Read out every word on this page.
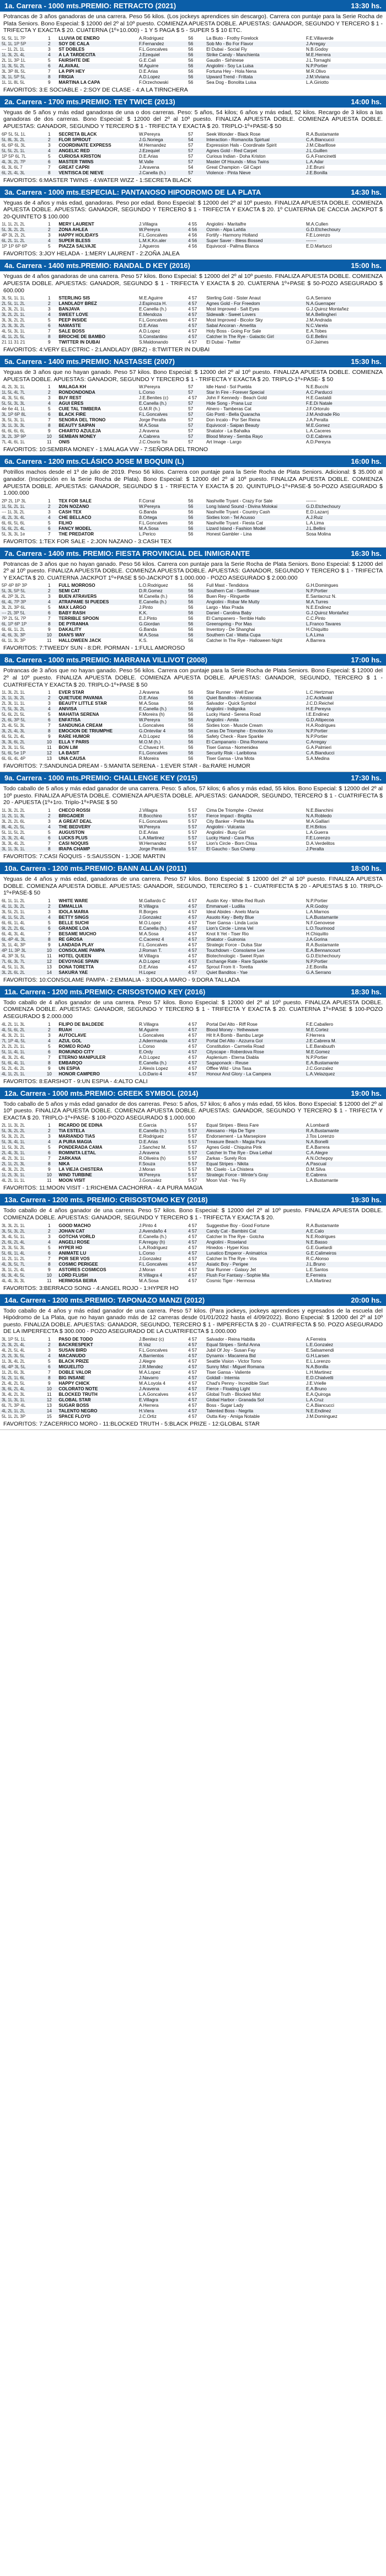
1a. Carrera - 1000 mts.PREMIO: RETRACTO (2021)	13:30 hs.
Potrancas de 3 años ganadoras de una carrera. Peso 56 kilos. (Los jockeys aprendices sin descargo). Carrera con puntaje para la Serie Rocha de Plata Seniors. Bono Especial: $ 12000 del 2º al 10º puesto. COMIENZA APUESTA DOBLE. APUESTAS: GANADOR, SEGUNDO Y TERCERO $ 1 - TRIFECTA Y EXACTA $ 20. CUATERNA (1º+10.000) - 1 Y 5 PAGA $ 5 - SUPER 5 $ 10 ETC.
5L 5L 1L 7P	1	LLUVIA DE ENERO	A.Rodriguez	56	La Biuto - Frothy Forelock	F.E.Villaverde
5L 1L 1P 5P	2	SOY DE CALA	F.Fernandez	56	Sob Mo - Bo For Flavor	J.Arregay
--- 1L 2L 1L	3	ST DOBLES	F.L.Goncalves	56	El Dubai - Social Fly	N.B.Godoy
1L 3L 2L 4L	4	A LA TARDECITA	J.Ezequiel	56	Strike Candy - Manchienta	M.E.Herrera
2L 1L 3P 1L	5	FAIRSHTE DIE	G.E.Cali	56	Gaudin - Sirhinese	J.L.Tornaghi
1L 3L 5L 2L	6	ALAVAAL	M.Aguirre	56	Angiolini - Soy La Luisa	N.P.Portier
3L 3P 8L 5L	7	LA PIPI HEY	D.E.Arias	56	Fortuna Hey - Hola Nena	M.R.Olivo
3L 1L 5P 5L	8	FRIGIA	A.D.Lopez	56	Upward Trend - Frittata	J.M.Viviana
1L 1L 8L 5L	9	MARTINA LA CAPA	F.Orzechowski	56	Sea Dog - Bonolita Luisa	L.A.Giriotto
FAVORITOS: 3:E SOCIABLE - 2:SOY DE CLASE - 4:A LA TIRNCHERA
2a. Carrera - 1700 mts.PREMIO: TEY TWICE (2013)	14:00 hs.
Yeguas de 5 años y más edad ganadoras de una o dos carreras. Peso: 5 años, 54 kilos; 6 años y más edad, 52 kilos. Recargo de 3 kilos a las ganadoras de dos carreras. Bono Especial: $ 12000 del 2º al 10º puesto. FINALIZA APUESTA DOBLE. COMIENZA APUESTA DOBLE. APUESTAS: GANADOR, SEGUNDO Y TERCERO $ 1 - TRIFECTA Y EXACTA $ 20. TRIPLO-1º+PASE-$ 50
6P 5L 5L 1L	1	SECRETA BLACK	W.Pereyra	57	Seek Wonder - Black Rose	R.A.Bustamante
5L 8L 3L 2L	2	FLOR SPROUT	J.G.Noriega	54	Interaction - Romancita Spirtual	C.A.Biancucci
6L 6P 6L 3L	3	COORDINATE EXPRESS	M.Hernandez	57	Expression Hals - Coordinate Spirit	J.M.Cibarlllose
5L 5L 2L 1L	4	ANGELIC RED	J.Ezequiel	57	Agnes Gold - Red Carpet	J.L.Guillen
1P 5P 6L 7L	5	CURIOSA KRISTON	D.E.Arias	57	Curious Indian - Doha Kriston	G.A.Francinetti
4L 3L 2L 7P	6	MASTER TWINS	M.Valle	57	Master Of Hounds - Miss Twins	L.A.Adar
6L 3L 6L 7	7	GREAT CAPRI	J.Aravena	54	Great Champion - Gil Capri	J.E.Bruni
6L 2L 4L 3L	8	VENTISCA DE NIEVE	J.Canella (h.)	57	Violence - Pinta Nieve	J.E.Bonilla
FAVORITOS: 6:MASTER TWINS - 4:WATER WIZZ - 1:SECRETA BLACK
3a. Carrera - 1000 mts.ESPECIAL: PANTANOSO HIPODROMO DE LA PLATA	14:30 hs.
Yeguas de 4 años y más edad, ganadoras. Peso por edad. Bono Especial: $ 12000 del 2º al 10º puesto. FINALIZA APUESTA DOBLE. COMIENZA APUESTA DOBLE. APUESTAS: GANADOR, SEGUNDO Y TERCERO $ 1 - TRIFECTA Y EXACTA $ 20. 1º CUATERNA DE CACCIA JACKPOT $ 20-QUINTETO $ 100.000
1L 1L 2L 2L	1	MERY LAURENT	J.Villagra	4 55	Angiolini - Maritalfre	M.A.Cullen
5L 3L 2L 2L	2	ZONA AHLEA	W.Pereyra	4 56	Ozmin - Alpa Lahtla	G.D.Etchechoury
4P 3L 2L 2L	3	HAPPY HOLIDAYS	F.L.Goncalves	4 56	Fortify - Harmony Holland	F.E.Lorenzo
6L 2L 1L 2L	4	SUPER BLESS	L.M.K.Kn.aler	4 56	Super Saver - Bless Bossed	-------
1P 1P 6P 6P	5	PIAZZA SALVAJE	J.Agueros	4 56	Equivocol - Pallma Blanca	E.D.Martucci
FAVORITOS: 3:JOY HELADA - 1:MERY LAURENT - 2:ZOÑA JALEA
4a. Carrera - 1400 mts.PREMIO: RANDAL D KEY (2016)	15:00 hs.
Yeguas de 4 años ganadoras de una carrera. Peso 57 kilos. Bono Especial: $ 12000 del 2º al 10º puesto. FINALIZA APUESTA DOBLE. COMIENZA APUESTA DOBLE. APUESTAS: GANADOR, SEGUNDO $ 1 - TRIFECTA Y EXACTA $ 20. CUATERNA 1º+PASE $ 50-POZO ASEGURADO $ 600.000
3L 5L 1L 1L	1	STERLING SIS	M.E.Aguirre	4 57	Sterling Gold - Sister Anaut	G.A.Serrano
2L 5L 1L 2L	2	LANDLADY BREZ	J.Espinoza H.	4 57	Agnes Gold - For Freedom	N.A.Guerraper
2L 3L 2L 1L	3	BANJAVA	E.Canella (h.)	4 57	Most Improved - Salt Eyes	G.J.Quiroz Montañez
3L 2L 2L 1L	4	SWEET LOVE	E.Mendoza	4 57	Sidewalk - Sweet Lovers	M.A.Bellingheri
3L 3L 2L 2L	5	PEEP INSIDE	F.L.Goncalves	4 57	Most Improved - Bicolor Sky	J.M.Andrada
2L 3L 3L 2L	6	NAMASTE	D.E.Arias	4 57	Sabal Ancoran - Amerlita	N.C.Varela
4L 5L 3L 1L	7	SALE BOSS	A.D.Lopez	4 57	Holy Boss - Going For Sale	E.A.Tobes
4L 1L 2L 5L	8	BRIOCHE DE BAMBO	S.Constantino	4 57	Catcher In The Rye - Galactic Girl	G.E.Bellini
21 11 31 21	9	TWITTER IN DUBAI	S.Maldonando	4 57	El Dubai - Twitter	O.F.Jaimes
FAVORITOS: 4:VERY ELECTRIC - 2:LANDLADY (BRZ) - 8:TWITTER IN DUBAI
5a. Carrera - 1400 mts.PREMIO: NASTASSE (2007)	15:30 hs.
Yeguas de 3 años que no hayan ganado. Peso 57 kilos. Bono Especial: $ 12000 del 2º al 10º puesto. FINALIZA APUESTA DOBLE. COMIENZA APUESTA DOBLE. APUESTAS: GANADOR, SEGUNDO Y TERCERO $ 1 - TRIFECTA Y EXACTA $ 20. TRIPLO-1º+PASE- $ 50
4L 2L 3L 1L	1	MALAGA KH	W.Pereyra	57	Idle Hand - Sol Puebla	N.E.Bucchi
1L 5L 4L 7L	2	RONDONDONDA	L.Corso	57	Star In Fire - Forever Special	A.C.Parducci
4L 3L 5L 6L	3	BUY REST	J.E.Benites (c)	4 57	John F Kennedy - Beach Gold	H.E.Gastaldi
5L 5L 3L 3L	4	AGUI ERES	E.Canella (h.)	57	Hide Song - Prana Luz	F.E.Di Natale
4e 6e 4L 1L	5	CUIE TAL TIMBERA	G.M.R (h.)	57	Alnero - Tamberas Cat	J.F.Ortorulo
3L 1P 6P 8L	6	BLACK FIRE	F.L.Goncalves	57	Gio Ponti - Bella Quaracha	J.M.Andrade Rio
3L 5L 3L 1L	7	SENORA DEL TRONO	Jorge Peralta	57	Don Incalo - Por Ser Reina	J.A.Peralta
3L 1L 3L 3L	8	BEAUTY SAIPAN	M.A.Sosa	57	Equivocol - Saipan Beauty	M.E.Gomez
6L 6L 6L 6L	9	CHIARTO AZULEJA	J.Aravena	57	Shatator - La Bahalka	L.A.Caceres
3L 2L 3P 9P	10	SEMBAN MONEY	A.Cabrera	57	Blood Money - Semba Rayo	O.E.Cabrera
7L 4L 6L 1L	11	ONIS	J.C.Osorio Toi	57	Art Image - Largo	A.D.Pereyra
FAVORITOS: 10:SEMBRA MONEY - 1:MALAGA VW - 7:SEÑORA DEL TRONO
6a. Carrera - 1200 mts.CLÁSICO JOSE M BOQUIN (L)	16:00 hs.
Potrillos machos desde el 1º de julio de 2019. Peso 56 kilos. Carrera con puntaje para la Serie Rocha de Plata Seniors. Adicional: $ 35.000 al ganador. (Inscripción en la Serie Rocha de Plata). Bono Especial: $ 12000 del 2º al 10º puesto. FINALIZA APUESTA DOBLE. COMIENZA APUESTA DOBLE. APUESTAS: GANADOR, SEGUNDO $ 1 - TRIFECTA Y EXACTA $ 20. QUINTUPLO-1º+PASE-$ 50-POZO ASEGURADO $ 1.000.000
2P 2L 1P 3L	1	TEX FOR SALE	F.Corral	56	Nashville Tryant - Crazy For Sale	-------
1L 5L 2L 1L	2	ZON NOZANO	W.Pereyra	56	Long Island Sound - Divina Molokai	G.D.Etchechoury
--- 1L 3L 2L	3	CASH TEX	G.Banda	56	Nashville Tryant - Country Cash	E.D.Lazarrj
4L 2L 3L 4L	4	CHE BELLACO	B.Ortega	56	Sixties Icon - Tel Acusso	A.J.Ruiz
6L 6L 5L 6L	5	FILHO	F.L.Goncalves	56	Nashville Tryant - Fiesta Cat	L.A.Lima
5L 6L 2L 4L	6	FANCY MODEL	M.A.Sosa	56	Lizard Island - Fashion Model	J.L.Bellini
5L 3L 3L 1e	7	THE PREDATOR	L.Perico	56	Honest Gambler - Lina	Sosa Molina
FAVORITOS: 1:TEX FOR SALE - 2:JON NAZANO - 3:CASH TEX
7a. Carrera - 1400 mts. PREMIO: FIESTA PROVINCIAL DEL INMIGRANTE	16:30 hs.
Potrancas de 3 años que no hayan ganado. Peso 56 kilos. Carrera con puntaje para la Serie Rocha de Plata Seniors. Bono Especial: $ 12000 del 2º al 10º puesto. FINALIZA APUESTA DOBLE. COMIENZA APUESTA DOBLE. APUESTAS: GANADOR, SEGUNDO Y TERCERO $ 1 - TRIFECTA Y EXACTA $ 20. CUATERNA JACKPOT 1º+PASE $ 50-JACKPOT $ 1.000.000 - POZO ASEGURADO $ 2.000.000
5P 4P 8P 3P	1	FULL MORROSO	L.O.Rodriguez	56	Full Mast - Tendidora	G.H.Domingues
5L 3L 5P 5L	2	SEMI CAT	D.R.Gomez	56	Southern Cat - Semifinase	N.P.Portier
4L 2P 3L 2L	3	BUEN ATRAVERS	M.Canella (h.)	56	Buen Rey - Ringuette	E.Santacruz N.
6L 4L 7P 3P	4	ATRAPAME SI PUEDES	E.Canella (h.)	56	Angiolini - Robar Me Mutty	M.A.Turres
3L 2L 3P 6L	5	MAX LARGO	J.Pinto	56	Largo - Max Prada	N.E.Endinez
--- 2L 3P 5L	6	BABY RASH	K.K.	56	Daniel - Carolina Baby	G.J.Quiroz Montañez
7P 2L 5L 7P	7	TERRIBLE SPOON	E.J.Pinto	56	El Campanero - Terrible Hallo	C.C.Pinto
6L 1P 6P 1P	8	DE PYRANHA	G.Giordan	56	Greenspring - Por Mas	L.Franco Tavares
6L 6L 1L 2L	9	DAKALITY	G.Banda	56	Inventory - De Shanghai	H.Chiquitto
4L 6L 3L 3P	10	DIAN'S WAY	M.A.Sosa	56	Southern Cat - Watta Cupa	L.A.Lima
6L 1L 3L 3P	11	HALLOWEEN JACK	K.S.	56	Catcher In The Rye - Halloween Night	A.Barrera
FAVORITOS: 7:TWEEDY SUN - 8:DR. PORMAN - 1:FULL AMOROSO
8a. Carrera - 1000 mts.PREMIO: MARRANA VILLIVOT (2008)	17:00 hs.
Potrancas de 3 años que no hayan ganado. Peso 56 kilos. Carrera con puntaje para la Serie Rocha de Plata Seniors. Bono Especial: $ 12000 del 2º al 10º puesto. FINALIZA APUESTA DOBLE. COMIENZA APUESTA DOBLE. APUESTAS: GANADOR, SEGUNDO, TERCERO $ 1 - CUATRIFECTA Y EXACTA $ 20. TRIPLO-1º+PASE $ 50
1L 3L 2L 1L	1	EVER STAR	J.Aravena	56	Star Runner - Well Ever	L.C.Hertzman
2L 1L 3L 2L	2	QUIETUDE PAVANIA	D.E.Arias	56	Quiet Banditos - Aristocrata	J.C.Ackfwald
2L 3L 1L 1L	3	BEAUTY LITTLE STAR	M.A.Sosa	56	Salvador - Quick Symbol	J.C.D.Reichel
7L 5L 3L 2L	4	ANIVISA	E.Canella (h.)	56	Angiolini - Indignika	H.E.Pereyra
5L 6L 2L 5L	5	MAHATIA SERENA	F.Moreira (h)	56	Lucky Hand - Serena Road	I.E.Endinez
2L 6L 3P 5L	6	ENFATISA	W.Pereyra	56	Angiolini - Amita	G.D.Altipecoa
2L 4L 5L 3L	7	SANDUNGA CREAM	L.Goncalves	56	Sixties Icon - Muscle Cream	H.A.Rodrigues
3L 2L 4L 3L	8	EMOCION DE TRIUMPHE	G.Ontevilar 4	56	Ceras De Triomphe - Emotion Xo	N.P.Portier
6L 5L 2L 4L	9	RARE HUMOR	A.D.Lopez	56	Safety Check - Rare Sparkle	N.P.Portier
3L 3L 6L 2L	10	ELLA Y PARIS	M.O.M (h.)	56	El Campanario - Dina Romana	C.Arregay
2L 3L 1L 5L	11	BON LIM	C.Chavez H.	56	Tiser Gansa - Nomenidea	G.A.Palmieri
5L 6L 5e 1P	12	LA BASIT	F.L.Goncalves	56	Security Risk - Laribitona	C.A.Bianducci
6L 6L 4L 4P	13	UNA CAUSA	R.Moreira	56	Tiser Gansa - Una Mota	S.A.Medina
FAVORITOS: 7:SANDUNGA DREAM - 5:MANITA SERENA - 1:EVER STAR - 8a:RARE HUMOR
9a. Carrera - 1000 mts.PREMIO: CHALLENGE KEY (2015)	17:30 hs.
Todo caballo de 5 años y más edad ganador de una carrera. Peso: 5 años, 57 kilos; 6 años y más edad, 55 kilos. Bono Especial: $ 12000 del 2º al 10º puesto. FINALIZA APUESTA DOBLE. COMIENZA APUESTA DOBLE. APUESTAS: GANADOR, SEGUNDO, TERCERO $ 1 - CUATRIFECTA $ 20 - APUESTA (1º+1ro. Triplo-1º+PASE $ 50
1L 3L 2L 2L	1	CHECO ROSSI	J.Villagra	5 57	Cima De Triomphe - Cheviot	N.E.Bianchini
1L 2L 1L 3L	2	BRIGADIER	R.Bocchino	5 57	Fierce Impact - Brigitta	N.A.Robledo
3L 2L 2L 6L	3	A GREAT DEAL	F.L.Goncalves	5 57	City Banker - Petite Mia	M.A.Galliari
8L 4L 2L 5L	4	THE BEDVERY	W.Pereyra	5 57	Angiolini - Vulcania	E.H.Britos
5L 1L 5L 2L	5	AUGUSTON	D.E.Arias	5 57	Angiolini - Busy Girl	L.A.Guerra
2L 3L 2L 4L	6	LUCKS PLUS	L.A.Martinez	5 57	Lucky Hand - Cara Plus	F.E.Lorenzo
3L 3L 4L 2L	7	CASI NOQUIS	W.Hernandez	5 57	Lion's Circle - Born Chisa	D.A.Verdelitos
3L 1L 3L 1L	8	IRAPA CHAMP	Jorge Peralta	5 57	El Gaucho - Sus Champ	J.Peralta
FAVORITOS: 7:CASI ÑOQUIS - 5:SAUSSON - 1:JOE MARTIN
10a. Carrera - 1200 mts.PREMIO: BANN ALLAN (2011)	18:00 hs.
Yeguas de 4 años y más edad, ganadoras de una carrera. Peso 57 kilos. Bono Especial: $ 12000 del 2º al 10º puesto. FINALIZA APUESTA DOBLE. COMIENZA APUESTA DOBLE. APUESTAS: GANADOR, SEGUNDO, TERCERO $ 1 - CUATRIFECTA $ 20 - APUESTAS $ 10. TRIPLO-1º+PASE-$ 50
6L 1L 1L 2L	1	WHITE WARE	M.Gallardo C	4 57	Austin Key - White Red Rush	N.P.Portier
4L 1L 3L 2L	2	EMMALLIA	R.Villagra	4 57	Emmanuel - Ludilia	A.R.Godoy
3L 5L 2L 1L	3	IDOLA MARIA	R.Borges	4 57	Ideal Abides - Anelo María	L.A.Marnos
4L 1L 5L 2L	4	BETTY SINGS	J.Gonzalez	4 57	Asuoto Key - Betty Blue	L.A.Bustamante
6L 6L 1L 4L	5	BELLE SUCHI	M.O.Lopez	4 57	Tiser Gansa - Linda Lucia	N.F.Genovese
9L 2L 2L 6L	6	GRANDE LOA	E.Canella (h.)	4 57	Lion's Circle - Linna Vel	L.O.Tourinood
6L 4L 3L 4L	7	BESAME MUCHO	M.A.Sosa	4 57	Knot It Yet - Tiser Rio	H.Chiquitto
6L 4P 4L 3L	8	RE GROSA	C.Cacerez 4	4 57	Shatator - Guinonia	J.A.Gorina
3L 1L 4L 3P	9	LANDADA PLAY	F.L.Goncalves	4 57	Strategic Force - Dulsa Star	R.A.Bustamante
4P 1L 3P 3L	10	CONSOLAME PAMPA	J.Roman T.	4 57	Touchdown - Consolame Lee	E.A.Bennancourt
4L 3P 3L 5L	11	HOTEL QUEEN	M.Villagra	4 57	Biotechnologic - Sweet Ryan	G.D.Etchechoury
7L 6L 3L 7L	12	DEVOYAGE SPAIN	A.D.Lopez	4 57	Exchange Rate - Rare Sparkle	N.P.Portier
4L 5L 1L 3L	13	DONA TORETTA	D.E.Arias	4 57	Sprout From It - Toretta	J.E.Bonilla
3L 2L 6L 2L	14	SAKURA YAE	H.Lopez	4 57	Quiet Banditos - Yae	G.A.Serrano
FAVORITOS: 10:CONSOLAME PAMPA - 2:EMMALIA - 3:IDOLA MARO - 9:DORA TALLADA
11a. Carrera - 1200 mts.PREMIO: CRISOSTOMO KEY (2016)	18:30 hs.
Todo caballo de 4 años ganador de una carrera. Peso 57 kilos. Bono Especial: $ 12000 del 2º al 10º puesto. FINALIZA APUESTA DOBLE. COMIENZA DOBLE. APUESTAS: GANADOR, SEGUNDO Y TERCERO $ 1 - TRIFECTA Y EXACTA $ 20. CUATERNA 1º+PASE $ 100-POZO ASEGURADO $ 2.000.000
4L 2L 1L 3L	1	FILIPO DE BALDEDE	R.Villagra	4 57	Portal Del Alto - Riff Rose	F.E.Caballero
4L 5L 6L 2L	2	RUAH	M.Aguirre	4 57	Blood Money - Yethewave	M.E.Cortez
4L 3L 2L 1L	3	AUTOCLAVE	L.Goncalves	4 57	Hit It A Bomb - Bambu Large	F.Herrera
7L 1P 4L 5L	4	AZUL GOL	J.Aderrmanda	4 57	Portal Del Alto - Azzurra Gol	J.E.Cabrera M.
2L 2L 2L 1L	5	ROMEO ROAD	L.Corso	4 57	Constitution - Carmelia Road	L.E.Barabuuth
5L 1L 4L 1L	6	ROMUNDO CITY	E.Ordy	4 57	Cityscape - Roberdova Rose	M.E.Gomez
4L 3L 2L 4L	7	ETERNO MANIPULER	A.D.Lopez	4 57	Asplenium - Eterna Diabla	N.P.Portier
5L 6L 4L 1L	8	EMBARQO	E.Canella (h.)	4 57	Sagaponack - Reuse	E.A.Bustamante
5L 2L 4L 2L	9	UN ESPIA	J.Alexis Lopez	4 57	Offlee Wild - Una Tasa	J.C.Gonzalez
4L 1L 2L 1L	10	HONOR CAMPERO	L.O.Dario 4	4 57	Honour And Glory - La Campera	L.A.Velazquez
FAVORITOS: 8:EARSHOT - 9:UN ESPIA - 4:ALTO CALI
12a. Carrera - 1000 mts.PREMIO: GREEK SYMBOL (2014)	19:00 hs.
Todo caballo de 5 años y más edad ganador de dos carreras. Peso: 5 años, 57 kilos; 6 años y más edad, 55 kilos. Bono Especial: $ 12000 del 2º al 10º puesto. FINALIZA APUESTA DOBLE. COMIENZA APUESTA DOBLE. APUESTAS: GANADOR, SEGUNDO Y TERCERO $ 1 - TRIFECTA Y EXACTA $ 20. TRIPLO-1º+PASE- $ 100-POZO ASEGURADO $ 1.000.000
2L 1L 3L 2L	1	RICARDO DE EDINA	E.Garcia	5 57	Equal Stripes - Bless Fare	A.Lombardi
5L 3L 2L 2L	2	TIA ESTELA	E.Canella (h.)	5 57	Alexsano - Hija De Tigre	R.A.Bustamante
5L 3L 2L 2L	3	MARIANDO TIAS	E.Rodriguez	5 57	Endorsement - La Marsepiore	J.Tos Lorenzo
5L 3L 4L 1L	4	A PURA MAGIA	D.E.Arias	5 57	Treasure Beach - Magia Pura	N.A.Bonelli
1L 5L 3L 2L	5	PONDERADA CAMA	J.Sanchez M.	5 57	Agnes Gold - Chiquina Pink	E.A.Barrera
2L 4L 3L 1L	6	ROMINITA LETAL	J.Aravena	5 57	Catcher In The Rye - Diva Lethal	C.A.Alegre
4L 2L 3L 1L	7	ZARKANA	R.Oliveira (h)	5 57	Zarkas - Surely Ros	A.N.Ochepoy
2L 1L 2L 3L	8	NIKA	F.Souza	5 57	Equal Stripes - Nikita	A.Pascual
4L 3L 2L 2L	9	LA VIEJA CHISTERA	J.Moran	5 57	Mr. Ciselo - La Chistera	D.M.Silva
1L 2L 3L 1L	10	WIND TURBINE	W.Pereyra	5 57	Strategic Force - Winter's Gray	E.Cabrera
4L 2L 1L 1L	11	MOON VISIT	J.Gonzalez	5 57	Moon Visit - Yes Fly	L.A.Bustamante
FAVORITOS: 11:MOON VISIT - 1:RICHEMA CACHORRA - 4:A PURA MAGIA
13a. Carrera - 1200 mts. PREMIO: CRISOSTOMO KEY (2018)	19:30 hs.
Todo caballo de 4 años ganador de una carrera. Peso 57 kilos. Bono Especial: $ 12000 del 2º al 10º puesto. FINALIZA APUESTA DOBLE. COMIENZA DOBLE. APUESTAS: GANADOR, SEGUNDO Y TERCERO $ 1 - TRIFECTA Y EXACTA $ 20.
3L 3L 2L 1L	1	GOOD MACHO	J.Pinto 4	4 57	Suggestive Boy - Good Fortune	R.A.Bustamante
3L 5L 3L 2L	2	JOHAN CAT	J.Avendaño 4	4 57	Candy Cat - Bambini Cat	A.E.Calo
3L 4L 5L 1L	3	GOTCHA VORLD	E.Canella (h.)	4 57	Catcher In The Rye - Gotcha	N.E.Rodrigues
2L 6L 2L 4L	4	ANGELI ROSE	F.Arregay (h)	4 57	Angiolini - Roseland	N.E.Basso
2L 3L 5L 3L	5	HYPER HO	L.A.Rodriguez	4 57	Hinedos - Hyper Kiss	G.E.Guelardi
5L 6L 1L 4L	6	ANIMATE LU	L.Corso	4 57	Lunatico Emperor - Animatrica	G.E.Calimeiros
1L 2L 1L 2L	7	POR SER VOS	J.Gonzalez	4 57	Catcher In The Rye - Vos	R.C.Alonso
4L 3L 5L 7L	8	COSMIC PERIGEE	F.L.Goncalves	4 57	Asiatic Boy - Perigee	J.L.Bruno
3L 1L 2L 4L	9	ASTORES COSMICOS	J.Moran	4 57	Star Runner - Galaxy Jet	L.E.Santos
6L 3L 4L 5L	10	LORD FLUSH	R.Villagra 4	4 57	Flush For Fantasy - Sophie Mia	E.Ferreira
4L 4L 3L 3L	11	HERMOSA BEIRA	M.A.Sosa	4 57	Cosmic Tiger - Hermosa	L.A.Martinez
FAVORITOS: 3:BERRACO SONG - 4:ANGEL ROJO - 1:HYPER HO
14a. Carrera - 1200 mts.PREMIO: TAPONAZO MANZI (2012)	20:00 hs.
Todo caballo de 4 años y más edad ganador de una carrera. Peso 57 kilos. (Para jockeys, jockeys aprendices y egresados de la escuela del Hipódromo de La Plata, que no hayan ganado más de 12 carreras desde 01/01/2022 hasta el 4/09/2022). Bono Especial: $ 12000 del 2º al 10º puesto. FINALIZA DOBLE. APUESTAS: GANADOR, SEGUNDO, TERCERO $ 1 - IMPERFECTA $ 20 - CUATRIFECTA $ 50. POZO ASEGURADO DE LA IMPERFECTA $ 300.000 - POZO ASEGURADO DE LA CUATRIFECTA $ 1.000.000
3L 1P 5L 1L	1	PASO DE TODO	J.Benitez (c)	4 57	Salvador - Reina Habilla	A.Ferreira
2L 3L 2L 4L	2	BACKRESPEKT	R.Vaz	4 57	Equal Stripes - Sinful Anna	L.E.Gonzalez
4L 2L 5L 4L	3	SUSAN BIRD	F.L.Goncalves	4 57	Jubil Of Joy - Susan Fay	E.Salsamendi
2L 2L 3L 5L	4	MACANUDO	A.Barrientos	4 57	Dynamix - Macarena Bid	G.H.Larsen
1L 3L 4L 2L	5	BLACK PRIZE	J.Alegre	4 57	Seattle Vision - Victor Tomo	E.L.Lorenzo
6L 4P 3L 5L	6	MIGUELITO	J.R.Mendez	4 57	Sunny Mist - Miguel Romana	N.A.Bonilla
1L 2L 6L 3L	7	DOBLE VALOR	M.A.Lopez	4 57	Tiser Gansa - Valiente	L.H.Martinez
5L 2L 1L 6L	8	BIG INSANE	J.Navarro	4 57	Goldall - Internia	E.D.Chialvetti
2L 4L 2L 5L	9	HAPPY CHICK	M.A.Loyola 4	4 57	Chad's Penny - Incredible Start	J.E.Vrielle
3L 6L 2L 4L	10	COLORATO NOTE	J.Aravena	4 57	Fierce - Floating Light	E.A.Bruno
3L 4L 2L 3L	11	BLOCKED TRUTH	L.A.Goncalves	4 57	Global Truth - Blocked Mist	E.A.Quiroga
3L 1L 3L 1L	12	GLOBAL STAR	E.Villagra	4 57	Global Harbor - Granada Sol	L.A.Cruz
6L 7L 3P 4L	13	SUGAR BOSS	A.Herrera	4 57	Boss - Sugar Lady	C.A.Biancucci
4L 2L 1L 2L	14	TALENTO NEGRO	H.Viera	4 57	Talented Boss - Negrita	N.E.Endinez
5L 1L 2L 3P	15	SPACE FLOYD	J.C.Ortiz	4 57	Outta Key - Amiga Notable	J.M.Dominguez
FAVORITOS: 7:ZACERRICO MORO - 11:BLOCKED TRUTH - 5:BLACK PRIZE - 12:GLOBAL STAR
